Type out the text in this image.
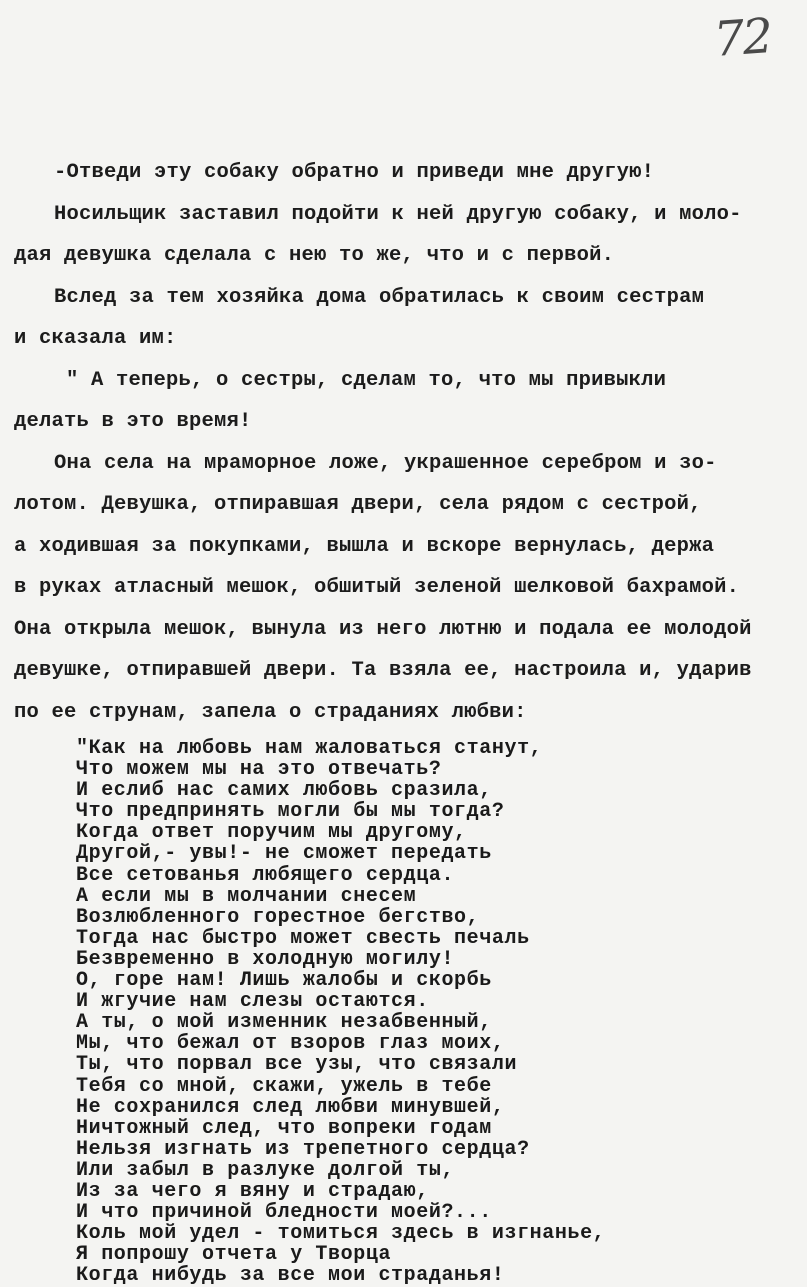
72

-Отведи эту собаку обратно и приведи мне другую!

Носильщик заставил подойти к ней другую собаку, и моло-

дая девушка сделала с нею то же, что и с первой.

Вслед за тем хозяйка дома обратилась к своим сестрам

и сказала им:

" А теперь, о сестры, сделам то, что мы привыкли

делать в это время!

Она села на мраморное ложе, украшенное серебром и зо-

лотом. Девушка, отпиравшая двери, села рядом с сестрой,

а ходившая за покупками, вышла и вскоре вернулась, держа

в руках атласный мешок, обшитый зеленой шелковой бахрамой.

Она открыла мешок, вынула из него лютню и подала ее молодой

девушке, отпиравшей двери. Та взяла ее, настроила и, ударив

по ее струнам, запела о страданиях любви:

"Как на любовь нам жаловаться станут,

Что можем мы на это отвечать?

И еслиб нас самих любовь сразила,

Что предпринять могли бы мы тогда?

Когда ответ поручим мы другому,

Другой,- увы!- не сможет передать

Все сетованья любящего сердца.

А если мы в молчании снесем

Возлюбленного горестное бегство,

Тогда нас быстро может свесть печаль

Безвременно в холодную могилу!

О, горе нам! Лишь жалобы и скорбь

И жгучие нам слезы остаются.

А ты, о мой изменник незабвенный,

Мы, что бежал от взоров глаз моих,

Ты, что порвал все узы, что связали

Тебя со мной, скажи, ужель в тебе

Не сохранился след любви минувшей,

Ничтожный след, что вопреки годам

Нельзя изгнать из трепетного сердца?

Или забыл в разлуке долгой ты,

Из за чего я вяну и страдаю,

И что причиной бледности моей?...

Коль мой удел - томиться здесь в изгнанье,

Я попрошу отчета у Творца

Когда нибудь за все мои страданья!
